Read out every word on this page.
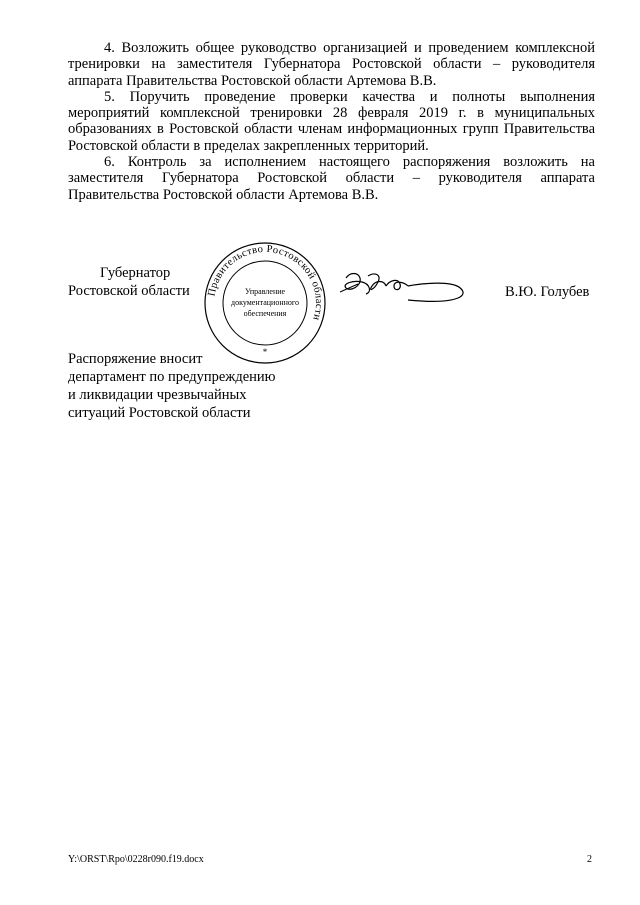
4. Возложить общее руководство организацией и проведением комплексной тренировки на заместителя Губернатора Ростовской области – руководителя аппарата Правительства Ростовской области Артемова В.В.

5. Поручить проведение проверки качества и полноты выполнения мероприятий комплексной тренировки 28 февраля 2019 г. в муниципальных образованиях в Ростовской области членам информационных групп Правительства Ростовской области в пределах закрепленных территорий.

6. Контроль за исполнением настоящего распоряжения возложить на заместителя Губернатора Ростовской области – руководителя аппарата Правительства Ростовской области Артемова В.В.

Губернатор
Ростовской области Правительство Ростовской области
Управление
документационного
обеспечения
*
В.Ю. Голубев
Распоряжение вносит
департамент по предупреждению
и ликвидации чрезвычайных
ситуаций Ростовской области
Y:\ORST\Rpo\0228r090.f19.docx	2
